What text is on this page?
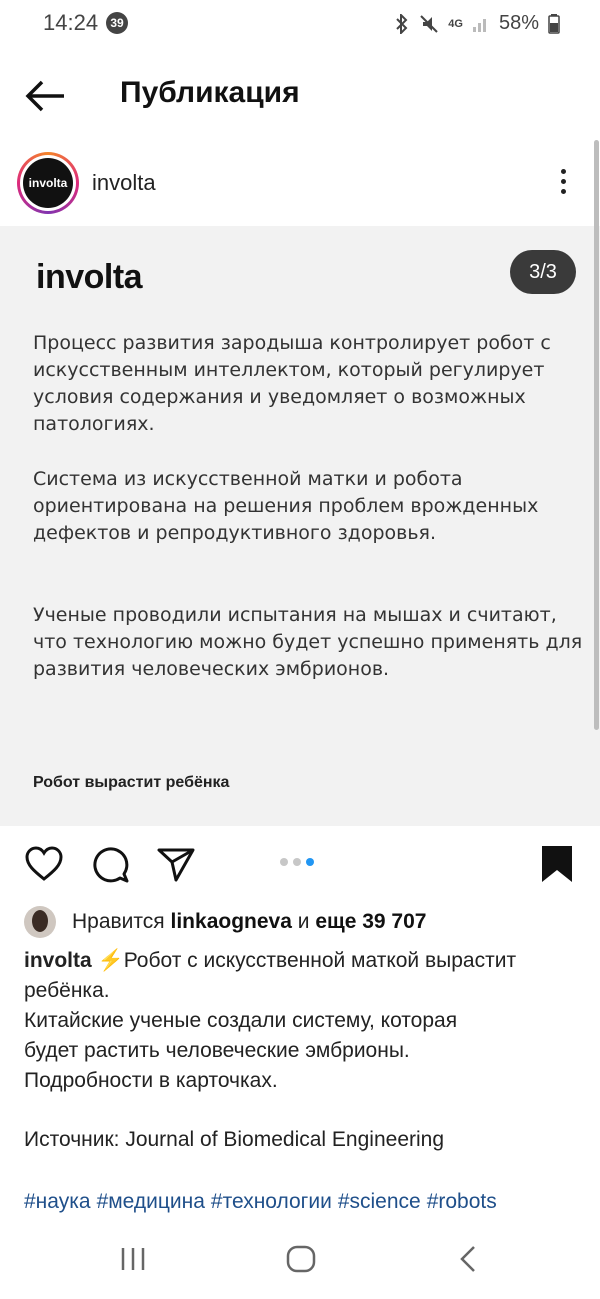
14:24	39	4G 58%
Публикация
involta involta
involta	3/3
Процесс развития зародыша контролирует робот с искусственным интеллектом, который регулирует условия содержания и уведомляет о возможных патологиях.
Система из искусственной матки и робота ориентирована на решения проблем врожденных дефектов и репродуктивного здоровья.
Ученые проводили испытания на мышах и считают, что технологию можно будет успешно применять для развития человеческих эмбрионов.
Робот вырастит ребёнка
Нравится
linkaogneva
и
еще 39 707
involta ⚡Робот с искусственной маткой вырастит
ребёнка.
Китайские ученые создали систему, которая
будет растить человеческие эмбрионы.
Подробности в карточках.
Источник: Journal of Biomedical Engineering
#наука #медицина #технологии #science #robots
